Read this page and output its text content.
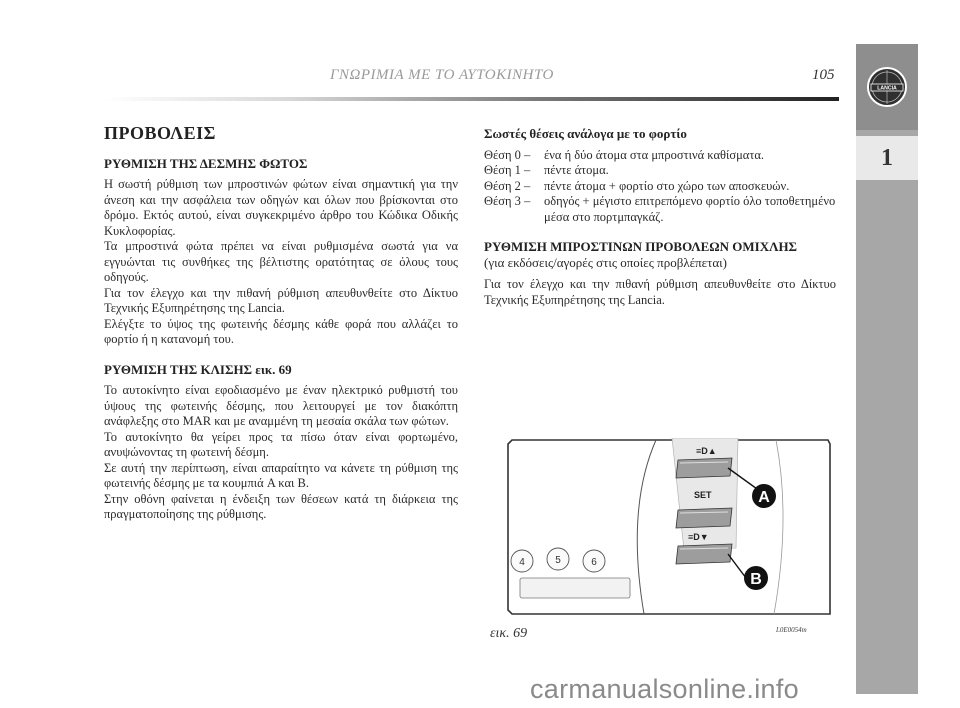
ΓΝΩΡΙΜΙΑ ΜΕ ΤΟ ΑΥΤΟΚΙΝΗΤΟ	105
LANCIA
1
ΠΡΟΒΟΛΕΙΣ
ΡΥΘΜΙΣΗ ΤΗΣ ΔΕΣΜΗΣ ΦΩΤΟΣ

Η σωστή ρύθμιση των μπροστινών φώτων είναι σημαντική για την άνεση και την ασφάλεια των οδηγών και όλων που βρίσκονται στο δρόμο. Εκτός αυτού, είναι συγκεκριμένο άρθρο του Κώδικα Οδικής Κυκλοφορίας.

Τα μπροστινά φώτα πρέπει να είναι ρυθμισμένα σωστά για να εγγυώνται τις συνθήκες της βέλτιστης ορατότητας σε όλους τους οδηγούς.

Για τον έλεγχο και την πιθανή ρύθμιση απευθυνθείτε στο Δίκτυο Τεχνικής Εξυπηρέτησης της Lancia.

Ελέγξτε το ύψος της φωτεινής δέσμης κάθε φορά που αλλάζει το φορτίο ή η κατανομή του.

ΡΥΘΜΙΣΗ ΤΗΣ ΚΛΙΣΗΣ εικ. 69

Το αυτοκίνητο είναι εφοδιασμένο με έναν ηλεκτρικό ρυθμιστή του ύψους της φωτεινής δέσμης, που λειτουργεί με τον διακόπτη ανάφλεξης στο MAR και με αναμμένη τη μεσαία σκάλα των φώτων.

Το αυτοκίνητο θα γείρει προς τα πίσω όταν είναι φορτωμένο, ανυψώνοντας τη φωτεινή δέσμη.

Σε αυτή την περίπτωση, είναι απαραίτητο να κάνετε τη ρύθμιση της φωτεινής δέσμης με τα κουμπιά A και B.

Στην οθόνη φαίνεται η ένδειξη των θέσεων κατά τη διάρκεια της πραγματοποίησης της ρύθμισης.

Σωστές θέσεις ανάλογα με το φορτίο
Θέση 0 –	ένα ή δύο άτομα στα μπροστινά καθίσματα.
Θέση 1 –	πέντε άτομα.
Θέση 2 –	πέντε άτομα + φορτίο στο χώρο των αποσκευών.
Θέση 3 –	οδηγός + μέγιστο επιτρεπόμενο φορτίο όλο τοποθετημένο μέσα στο πορτμπαγκάζ.
ΡΥΘΜΙΣΗ ΜΠΡΟΣΤΙΝΩΝ ΠΡΟΒΟΛΕΩΝ ΟΜΙΧΛΗΣ
(για εκδόσεις/αγορές στις οποίες προβλέπεται)

Για τον έλεγχο και την πιθανή ρύθμιση απευθυνθείτε στο Δίκτυο Τεχνικής Εξυπηρέτησης της Lancia.

4	5	6
≡D▲
SET
≡D▼
A
B
εικ. 69	L0E0054m
carmanualsonline.info
